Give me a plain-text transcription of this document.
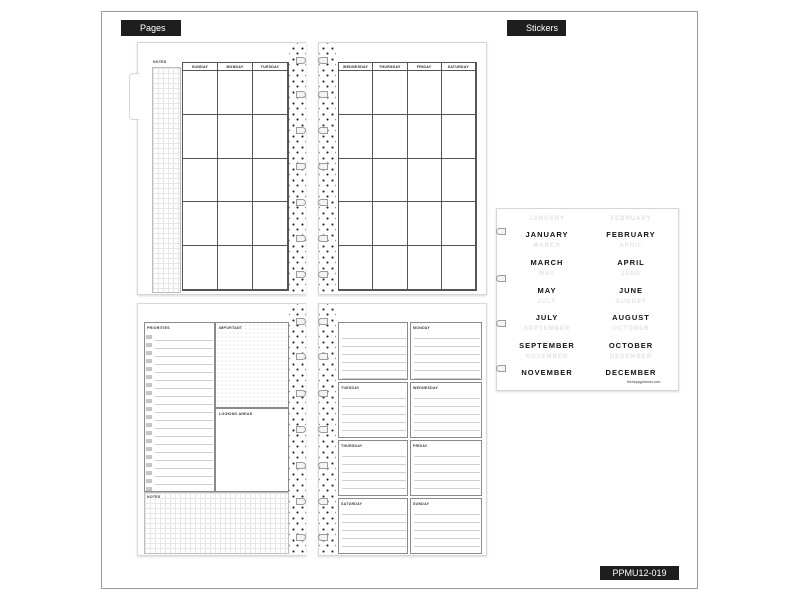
Pages	Stickers
NOTES
SUNDAY	MONDAY	TUESDAY	WEDNESDAY	THURSDAY	FRIDAY	SATURDAY
PRIORITIES	IMPORTANT
LOOKING AHEAD
NOTES
MONDAY
TUESDAY	WEDNESDAY
THURSDAY	FRIDAY
SATURDAY	SUNDAY
JANUARY	FEBRUARY
JANUARY	FEBRUARY
MARCH	APRIL
MARCH	APRIL
MAY	JUNE
MAY	JUNE
JULY	AUGUST
JULY	AUGUST
SEPTEMBER	OCTOBER
SEPTEMBER	OCTOBER
NOVEMBER	DECEMBER
NOVEMBER	DECEMBER
thehappyplanner.com
PPMU12-019
